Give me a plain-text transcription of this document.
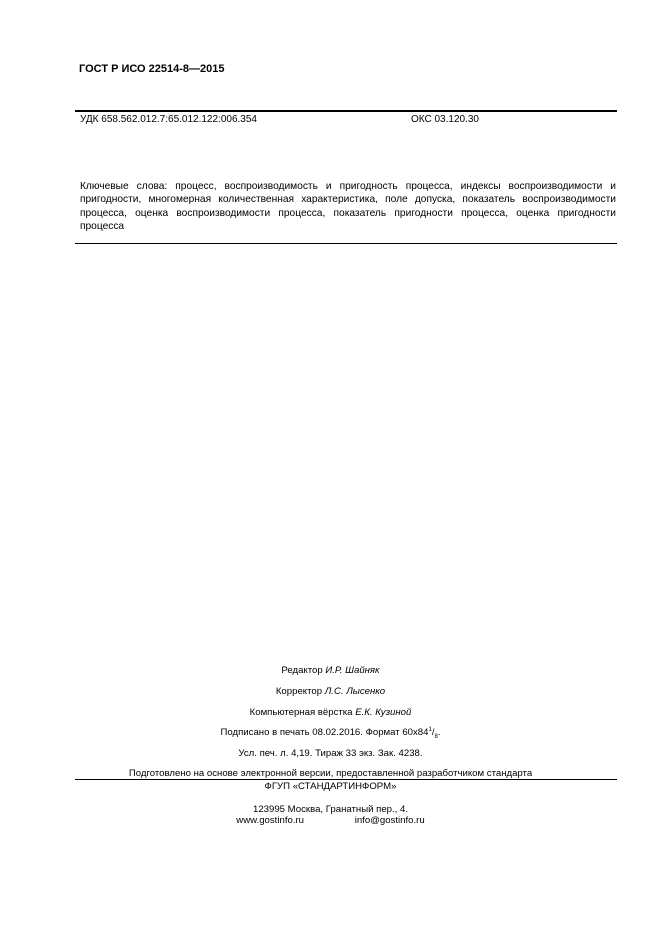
ГОСТ Р ИСО 22514-8—2015
УДК 658.562.012.7:65.012.122:006.354	ОКС 03.120.30
Ключевые слова: процесс, воспроизводимость и пригодность процесса, индексы воспроизводимости и пригодности, многомерная количественная характеристика, поле допуска, показатель воспроизводимости процесса, оценка воспроизводимости процесса, показатель пригодности процесса, оценка пригодности процесса
Редактор И.Р. Шайняк
Корректор Л.С. Лысенко
Компьютерная вёрстка Е.К. Кузиной
Подписано в печать 08.02.2016. Формат $60x84^1/_8$.
Усл. печ. л. 4,19. Тираж 33 экз. Зак. 4238.
Подготовлено на основе электронной версии, предоставленной разработчиком стандарта
ФГУП «СТАНДАРТИНФОРМ»
123995 Москва, Гранатный пер., 4.
www.gostinfo.ru	info@gostinfo.ru
